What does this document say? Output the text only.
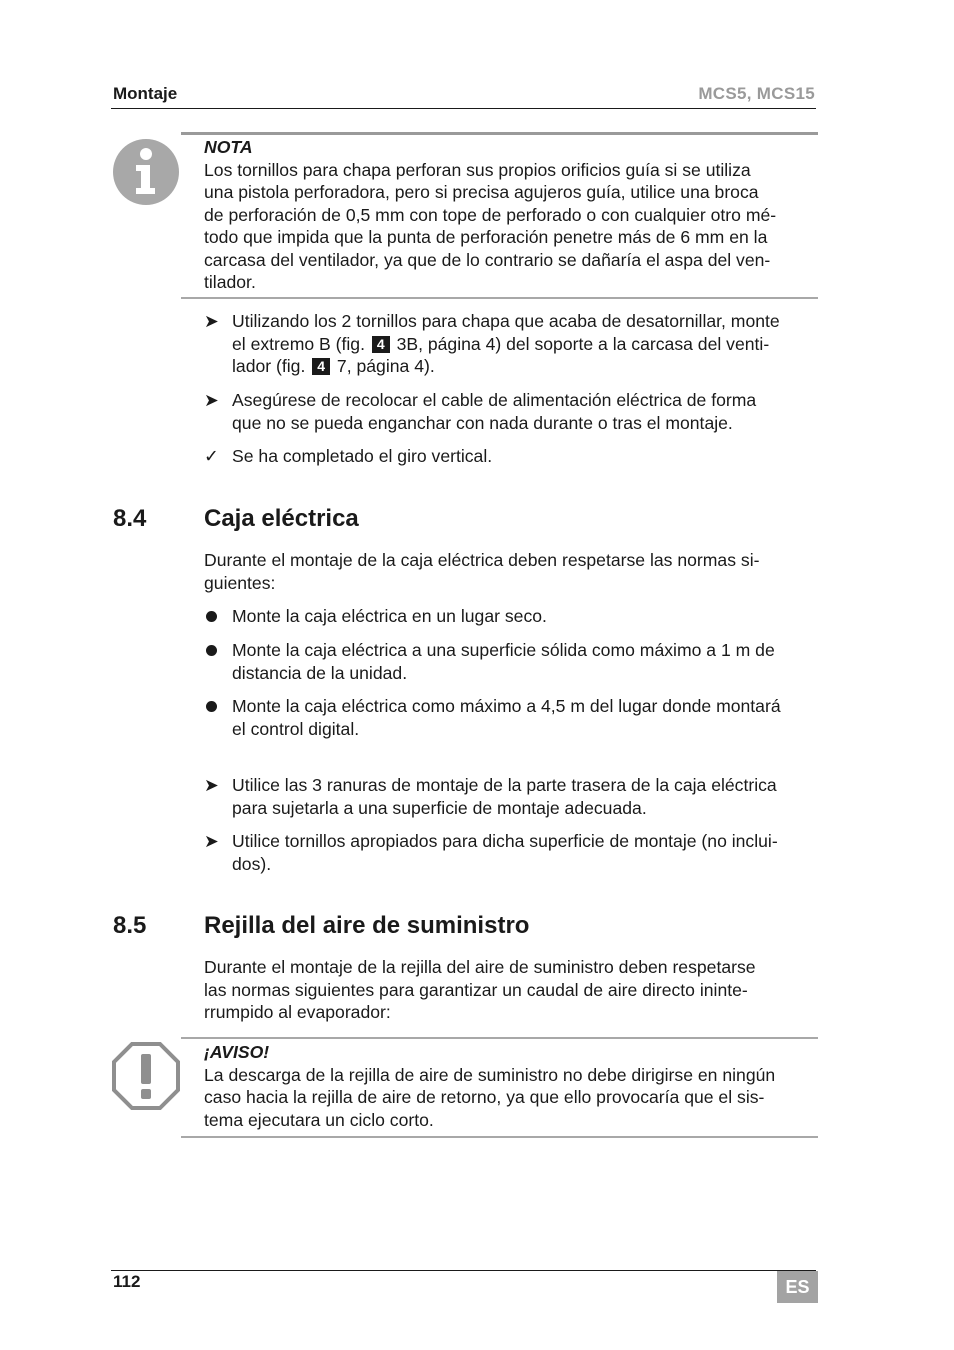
Montaje	MCS5, MCS15
NOTA
Los tornillos para chapa perforan sus propios orificios guía si se utiliza
una pistola perforadora, pero si precisa agujeros guía, utilice una broca
de perforación de 0,5 mm con tope de perforado o con cualquier otro mé-
todo que impida que la punta de perforación penetre más de 6 mm en la
carcasa del ventilador, ya que de lo contrario se dañaría el aspa del ven-
tilador.
➤ Utilizando los 2 tornillos para chapa que acaba de desatornillar, monte
el extremo B (fig. 4 3B, página 4) del soporte a la carcasa del venti-
lador (fig. 4 7, página 4).
➤ Asegúrese de recolocar el cable de alimentación eléctrica de forma
que no se pueda enganchar con nada durante o tras el montaje.
✓ Se ha completado el giro vertical.
8.4 Caja eléctrica
Durante el montaje de la caja eléctrica deben respetarse las normas si-
guientes:
Monte la caja eléctrica en un lugar seco.
Monte la caja eléctrica a una superficie sólida como máximo a 1 m de
distancia de la unidad.
Monte la caja eléctrica como máximo a 4,5 m del lugar donde montará
el control digital.
➤ Utilice las 3 ranuras de montaje de la parte trasera de la caja eléctrica
para sujetarla a una superficie de montaje adecuada.
➤ Utilice tornillos apropiados para dicha superficie de montaje (no inclui-
dos).
8.5 Rejilla del aire de suministro
Durante el montaje de la rejilla del aire de suministro deben respetarse
las normas siguientes para garantizar un caudal de aire directo ininte-
rrumpido al evaporador:
¡AVISO!
La descarga de la rejilla de aire de suministro no debe dirigirse en ningún
caso hacia la rejilla de aire de retorno, ya que ello provocaría que el sis-
tema ejecutara un ciclo corto.
112	ES
